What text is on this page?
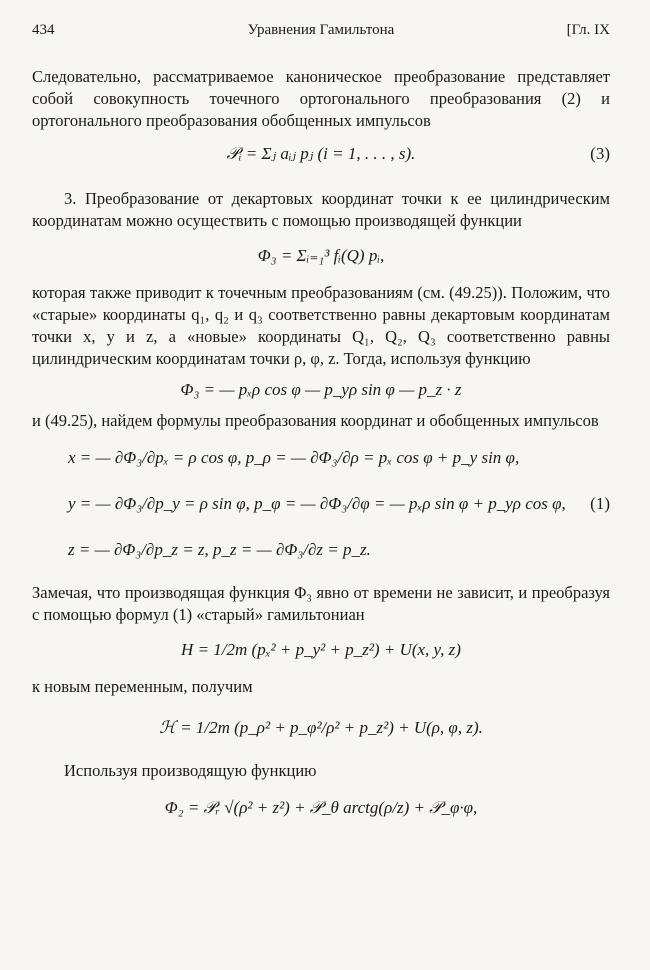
434	Уравнения Гамильтона	[Гл. IX

Следовательно, рассматриваемое каноническое преобразование представляет собой совокупность точечного ортогонального преобразования (2) и ортогонального преобразования обобщенных импульсов

𝒫ᵢ = Σⱼ aᵢⱼ pⱼ (i = 1, . . . , s).	(3)

3. Преобразование от декартовых координат точки к ее цилиндрическим координатам можно осуществить с помощью производящей функции

Φ₃ = Σᵢ₌₁³ fᵢ(Q) pᵢ,

которая также приводит к точечным преобразованиям (см. (49.25)). Положим, что «старые» координаты q₁, q₂ и q₃ соответственно равны декартовым координатам точки x, y и z, а «новые» координаты Q₁, Q₂, Q₃ соответственно равны цилиндрическим координатам точки ρ, φ, z. Тогда, используя функцию

Φ₃ = — pₓρ cos φ — p_yρ sin φ — p_z · z

и (49.25), найдем формулы преобразования координат и обобщенных импульсов

x = — ∂Φ₃/∂pₓ = ρ cos φ, p_ρ = — ∂Φ₃/∂ρ = pₓ cos φ + p_y sin φ,
y = — ∂Φ₃/∂p_y = ρ sin φ, p_φ = — ∂Φ₃/∂φ = — pₓρ sin φ + p_yρ cos φ, (1)
z = — ∂Φ₃/∂p_z = z, p_z = — ∂Φ₃/∂z = p_z.

Замечая, что производящая функция Φ₃ явно от времени не зависит, и преобразуя с помощью формул (1) «старый» гамильтониан

H = 1/2m (pₓ² + p_y² + p_z²) + U(x, y, z)

к новым переменным, получим

ℋ = 1/2m (p_ρ² + p_φ²/ρ² + p_z²) + U(ρ, φ, z).

Используя производящую функцию

Φ₂ = 𝒫ᵣ √(ρ² + z²) + 𝒫_θ arctg(ρ/z) + 𝒫_φ·φ,
